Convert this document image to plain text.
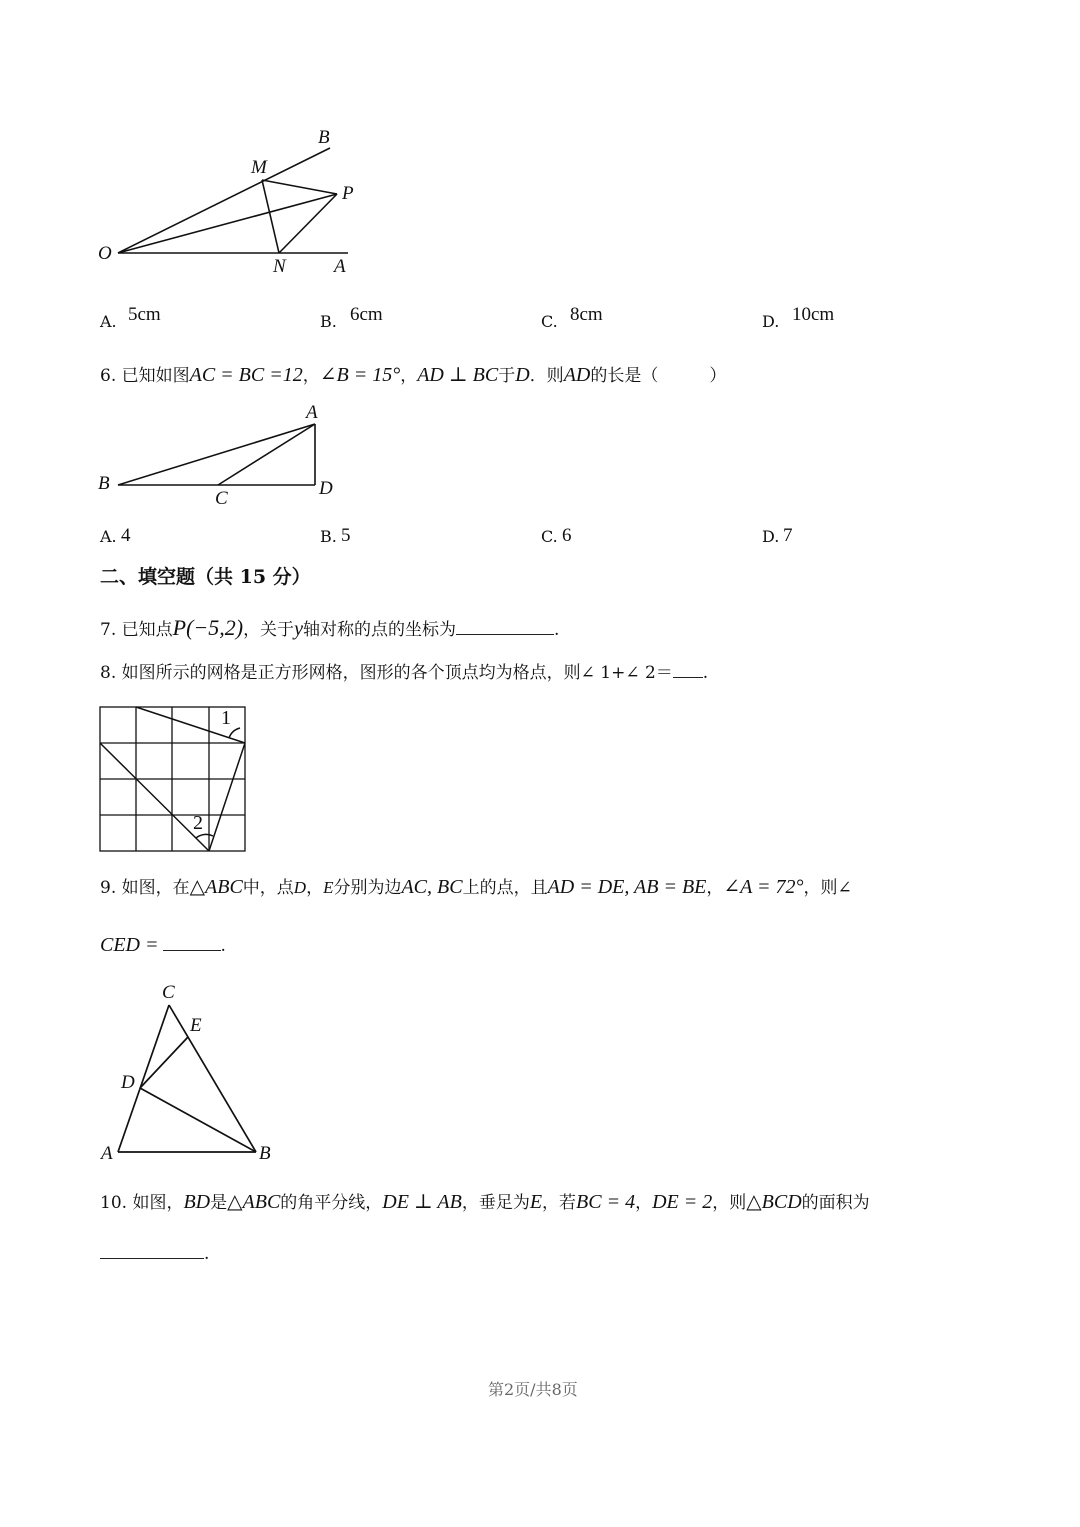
B
M
P
O
N	A
A. 5cm	B. 6cm	C. 8cm	D. 10cm
6. 已知如图AC = BC =12，∠B = 15°，AD ⊥ BC于D．则AD的长是（　　　）
A
B
C	D
A. 4	B. 5	C. 6	D. 7
二、填空题（共 15 分）
7. 已知点P(−5,2)，关于y轴对称的点的坐标为	.
8. 如图所示的网格是正方形网格，图形的各个顶点均为格点，则∠ 1+∠ 2＝ .
1
2
9. 如图，在△ABC中，点D，E分别为边AC, BC上的点，且AD = DE, AB = BE，∠A = 72°，则∠
CED =	.
C
E
D
A	B
10. 如图，BD是△ABC的角平分线，DE ⊥ AB，垂足为E，若BC = 4，DE = 2，则△BCD的面积为
.
第2页/共8页
